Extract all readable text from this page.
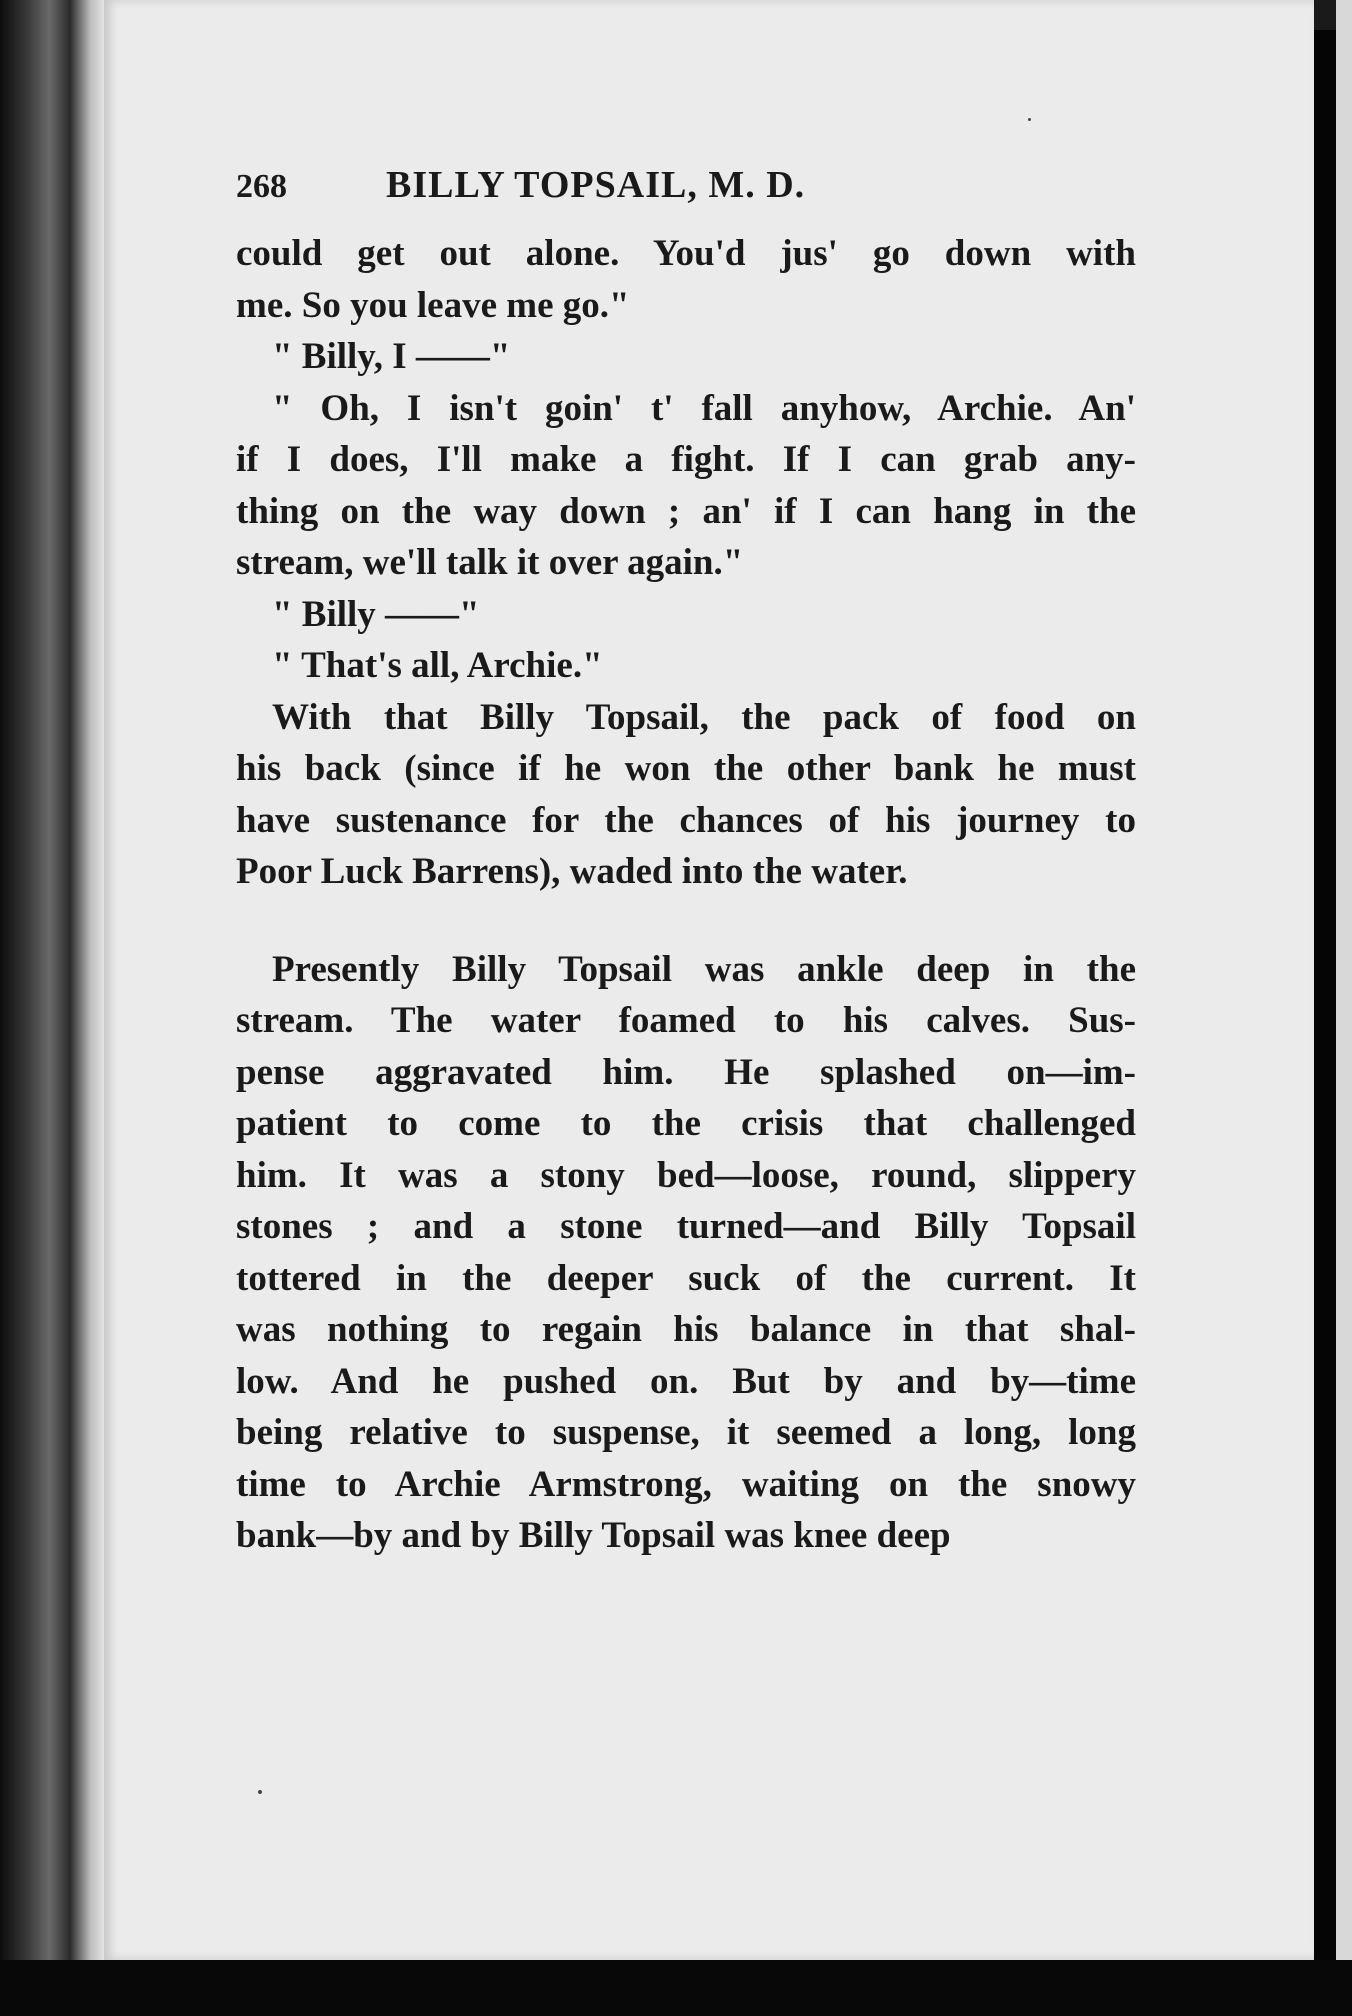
268	BILLY TOPSAIL, M. D.
could get out alone. You'd jus' go down with
me. So you leave me go."
" Billy, I ——"
" Oh, I isn't goin' t' fall anyhow, Archie. An'
if I does, I'll make a fight. If I can grab any-
thing on the way down ; an' if I can hang in the
stream, we'll talk it over again."
" Billy ——"
" That's all, Archie."
With that Billy Topsail, the pack of food on
his back (since if he won the other bank he must
have sustenance for the chances of his journey to
Poor Luck Barrens), waded into the water.
Presently Billy Topsail was ankle deep in the
stream. The water foamed to his calves. Sus-
pense aggravated him. He splashed on—im-
patient to come to the crisis that challenged
him. It was a stony bed—loose, round, slippery
stones ; and a stone turned—and Billy Topsail
tottered in the deeper suck of the current. It
was nothing to regain his balance in that shal-
low. And he pushed on. But by and by—time
being relative to suspense, it seemed a long, long
time to Archie Armstrong, waiting on the snowy
bank—by and by Billy Topsail was knee deep
